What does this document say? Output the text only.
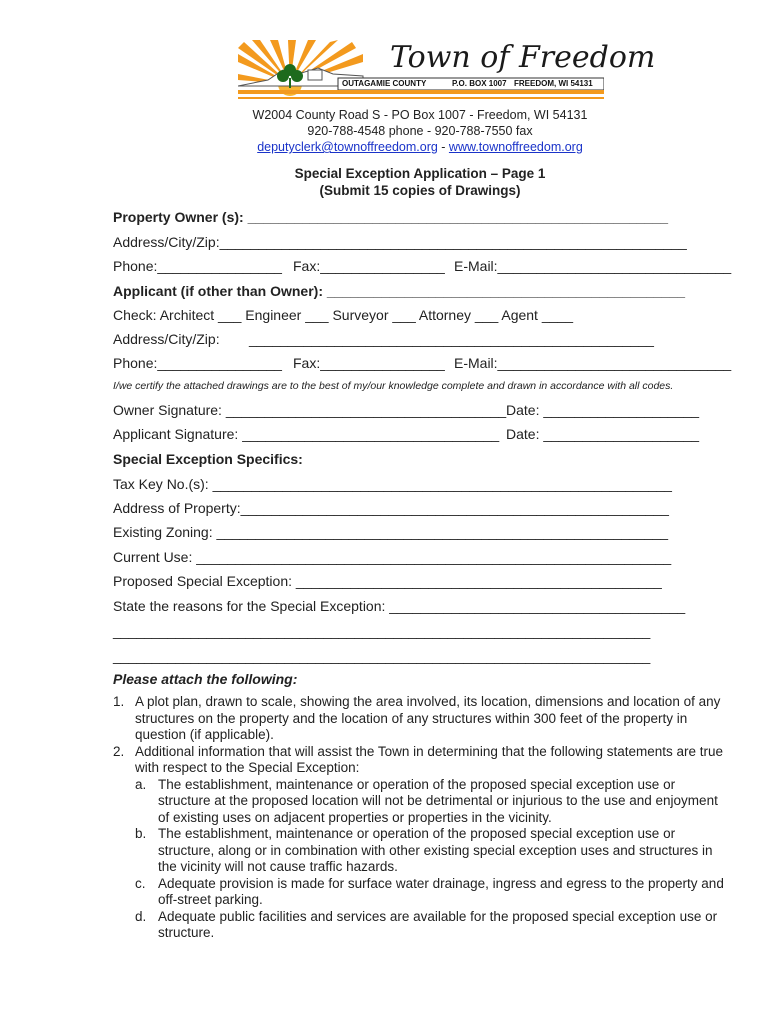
Town of Freedom
OUTAGAMIE COUNTY	P.O. BOX 1007 FREEDOM, WI 54131
W2004 County Road S - PO Box 1007 - Freedom, WI 54131
920-788-4548 phone - 920-788-7550 fax
deputyclerk@townoffreedom.org - www.townoffreedom.org
Special Exception Application – Page 1
(Submit 15 copies of Drawings)
Property Owner (s): ______________________________________________________
Address/City/Zip:____________________________________________________________
Phone:________________ Fax:________________ E-Mail:______________________________
Applicant (if other than Owner): ______________________________________________
Check: Architect ___ Engineer ___ Surveyor ___ Attorney ___ Agent ____
Address/City/Zip: ____________________________________________________
Phone:________________ Fax:________________ E-Mail:______________________________
I/we certify the attached drawings are to the best of my/our knowledge complete and drawn in accordance with all codes.
Owner Signature: ____________________________________ Date: ____________________
Applicant Signature: _________________________________ Date: ____________________
Special Exception Specifics:
Tax Key No.(s): ___________________________________________________________
Address of Property:_______________________________________________________
Existing Zoning: __________________________________________________________
Current Use: _____________________________________________________________
Proposed Special Exception: _______________________________________________
State the reasons for the Special Exception: ______________________________________
_____________________________________________________________________
_____________________________________________________________________
Please attach the following:
1. A plot plan, drawn to scale, showing the area involved, its location, dimensions and location of any structures on the property and the location of any structures within 300 feet of the property in question (if applicable).
2. Additional information that will assist the Town in determining that the following statements are true with respect to the Special Exception:
a. The establishment, maintenance or operation of the proposed special exception use or structure at the proposed location will not be detrimental or injurious to the use and enjoyment of existing uses on adjacent properties or properties in the vicinity.
b. The establishment, maintenance or operation of the proposed special exception use or structure, along or in combination with other existing special exception uses and structures in the vicinity will not cause traffic hazards.
c. Adequate provision is made for surface water drainage, ingress and egress to the property and off-street parking.
d. Adequate public facilities and services are available for the proposed special exception use or structure.
